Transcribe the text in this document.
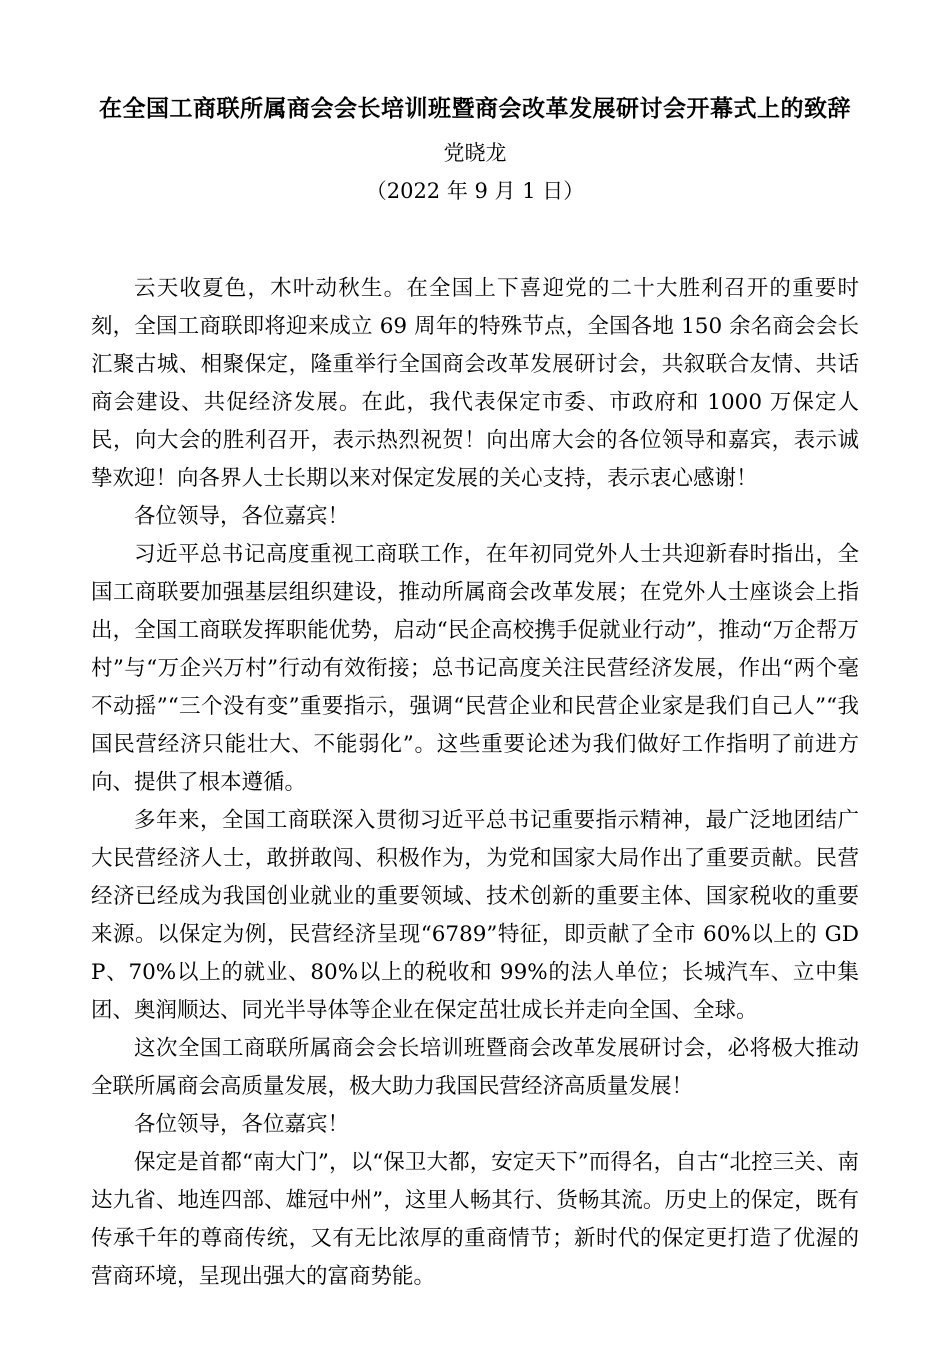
在全国工商联所属商会会长培训班暨商会改革发展研讨会开幕式上的致辞
党晓龙
（2022 年 9 月 1 日）

云天收夏色，木叶动秋生。在全国上下喜迎党的二十大胜利召开的重要时刻，全国工商联即将迎来成立 69 周年的特殊节点，全国各地 150 余名商会会长汇聚古城、相聚保定，隆重举行全国商会改革发展研讨会，共叙联合友情、共话商会建设、共促经济发展。在此，我代表保定市委、市政府和 1000 万保定人民，向大会的胜利召开，表示热烈祝贺！向出席大会的各位领导和嘉宾，表示诚挚欢迎！向各界人士长期以来对保定发展的关心支持，表示衷心感谢！

各位领导，各位嘉宾！

习近平总书记高度重视工商联工作，在年初同党外人士共迎新春时指出，全国工商联要加强基层组织建设，推动所属商会改革发展；在党外人士座谈会上指出，全国工商联发挥职能优势，启动“民企高校携手促就业行动”，推动“万企帮万村”与“万企兴万村”行动有效衔接；总书记高度关注民营经济发展，作出“两个毫不动摇”“三个没有变”重要指示，强调“民营企业和民营企业家是我们自己人”“我国民营经济只能壮大、不能弱化”。这些重要论述为我们做好工作指明了前进方向、提供了根本遵循。

多年来，全国工商联深入贯彻习近平总书记重要指示精神，最广泛地团结广大民营经济人士，敢拼敢闯、积极作为，为党和国家大局作出了重要贡献。民营经济已经成为我国创业就业的重要领域、技术创新的重要主体、国家税收的重要来源。以保定为例，民营经济呈现“6789”特征，即贡献了全市 60%以上的 GDP、70%以上的就业、80%以上的税收和 99%的法人单位；长城汽车、立中集团、奥润顺达、同光半导体等企业在保定茁壮成长并走向全国、全球。

这次全国工商联所属商会会长培训班暨商会改革发展研讨会，必将极大推动全联所属商会高质量发展，极大助力我国民营经济高质量发展！

各位领导，各位嘉宾！

保定是首都“南大门”，以“保卫大都，安定天下”而得名，自古“北控三关、南达九省、地连四部、雄冠中州”，这里人畅其行、货畅其流。历史上的保定，既有传承千年的尊商传统，又有无比浓厚的重商情节；新时代的保定更打造了优渥的营商环境，呈现出强大的富商势能。
